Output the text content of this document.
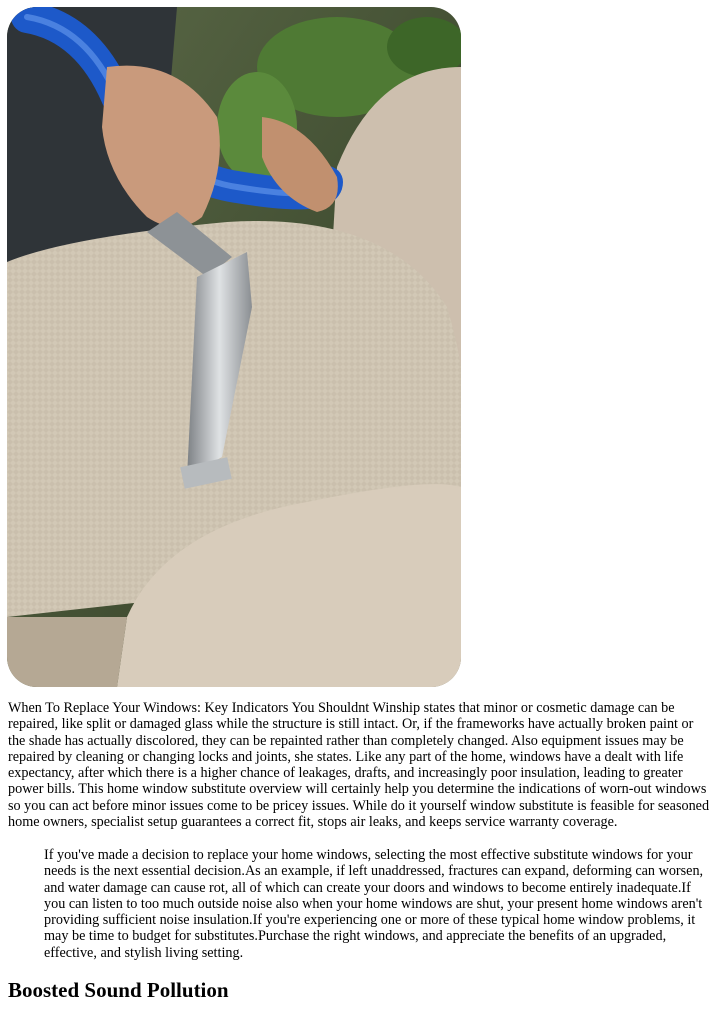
When To Replace Your Windows: Key Indicators You Shouldnt Winship states that minor or cosmetic damage can be repaired, like split or damaged glass while the structure is still intact. Or, if the frameworks have actually broken paint or the shade has actually discolored, they can be repainted rather than completely changed. Also equipment issues may be repaired by cleaning or changing locks and joints, she states. Like any part of the home, windows have a dealt with life expectancy, after which there is a higher chance of leakages, drafts, and increasingly poor insulation, leading to greater power bills. This home window substitute overview will certainly help you determine the indications of worn-out windows so you can act before minor issues come to be pricey issues. While do it yourself window substitute is feasible for seasoned home owners, specialist setup guarantees a correct fit, stops air leaks, and keeps service warranty coverage.

If you've made a decision to replace your home windows, selecting the most effective substitute windows for your needs is the next essential decision.As an example, if left unaddressed, fractures can expand, deforming can worsen, and water damage can cause rot, all of which can create your doors and windows to become entirely inadequate.If you can listen to too much outside noise also when your home windows are shut, your present home windows aren't providing sufficient noise insulation.If you're experiencing one or more of these typical home window problems, it may be time to budget for substitutes.Purchase the right windows, and appreciate the benefits of an upgraded, effective, and stylish living setting.

Boosted Sound Pollution
